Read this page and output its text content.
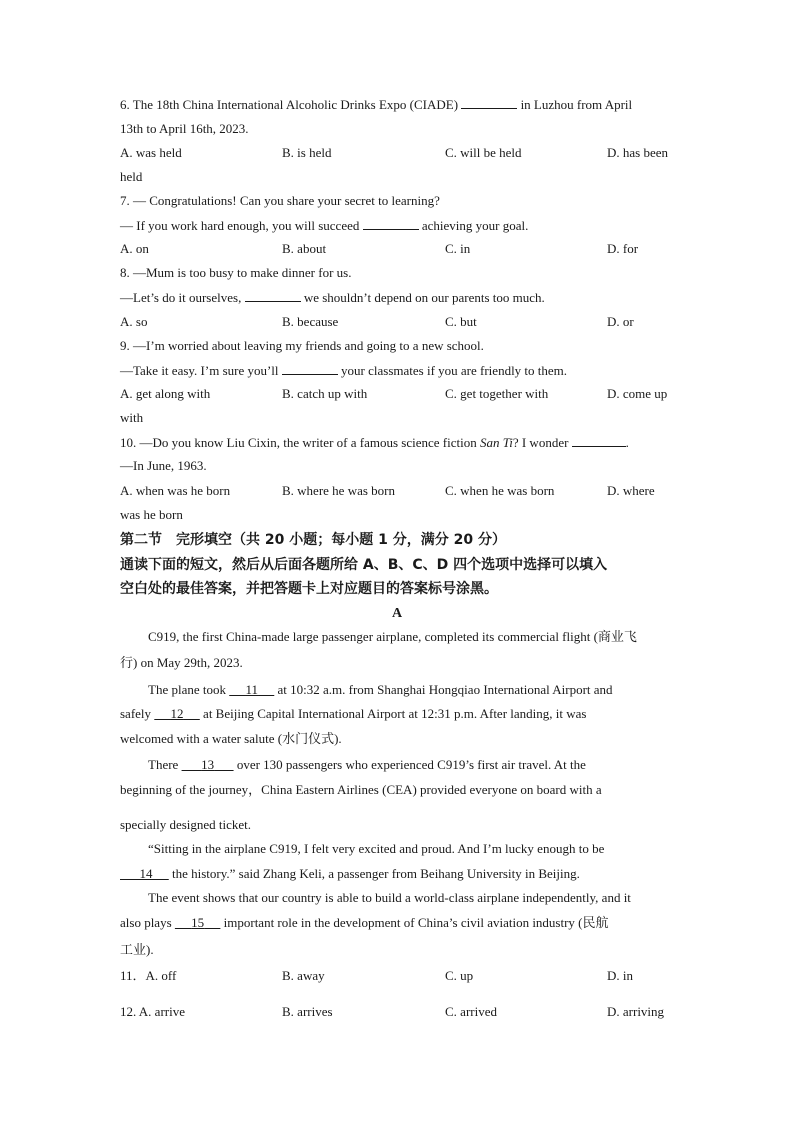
6. The 18th China International Alcoholic Drinks Expo (CIADE)	in Luzhou from April
13th to April 16th, 2023.
A. was held	B. is held	C. will be held	D. has been
held
7. — Congratulations! Can you share your secret to learning?
— If you work hard enough, you will succeed	achieving your goal.
A. on	B. about	C. in	D. for
8. —Mum is too busy to make dinner for us.
—Let’s do it ourselves,	we shouldn’t depend on our parents too much.
A. so	B. because	C. but	D. or
9. —I’m worried about leaving my friends and going to a new school.
—Take it easy. I’m sure you’ll	your classmates if you are friendly to them.
A. get along with	B. catch up with	C. get together with	D. come up
with
10. —Do you know Liu Cixin, the writer of a famous science fiction San Ti? I wonder	.
—In June, 1963.
A. when was he born	B. where he was born	C. when he was born	D. where
was he born
第二节　完形填空（共 20 小题；每小题 1 分，满分 20 分）
通读下面的短文，然后从后面各题所给 A、B、C、D 四个选项中选择可以填入
空白处的最佳答案，并把答题卡上对应题目的答案标号涂黑。
A
C919, the first China-made large passenger airplane, completed its commercial flight (商业飞
行) on May 29th, 2023.
The plane took      11      at 10:32 a.m. from Shanghai Hongqiao International Airport and
safely      12      at Beijing Capital International Airport at 12:31 p.m. After landing, it was
welcomed with a water salute (水门仪式).
There       13       over 130 passengers who experienced C919’s first air travel. At the
beginning of the journey，China Eastern Airlines (CEA) provided everyone on board with a
specially designed ticket.
“Sitting in the airplane C919, I felt very excited and proud. And I’m lucky enough to be
14      the history.” said Zhang Keli, a passenger from Beihang University in Beijing.
The event shows that our country is able to build a world-class airplane independently, and it
also plays      15      important role in the development of China’s civil aviation industry (民航
工业).
11．A. off	B. away	C. up	D. in
12. A. arrive	B. arrives	C. arrived	D. arriving
